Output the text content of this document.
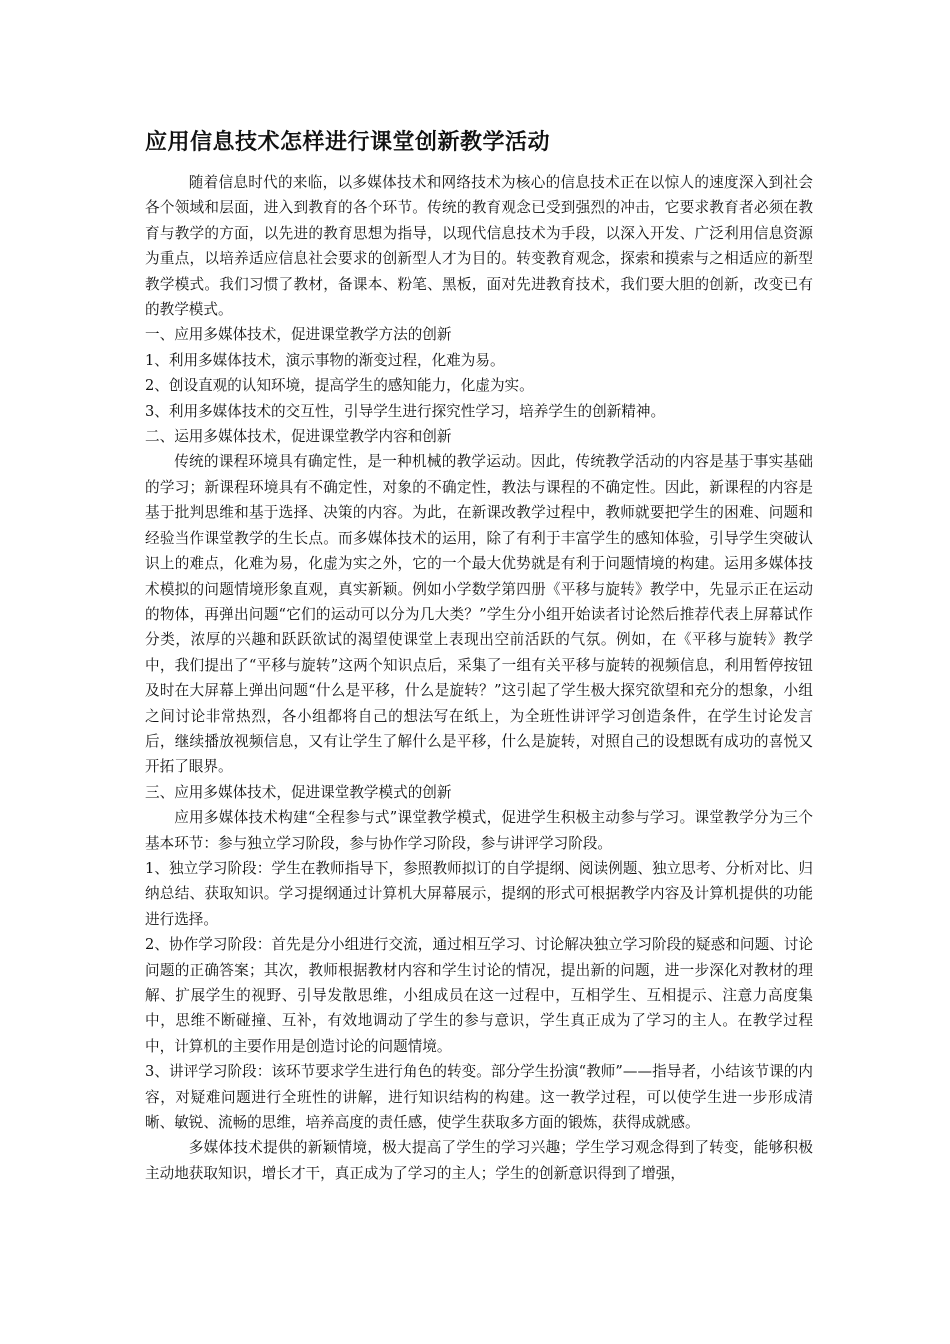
应用信息技术怎样进行课堂创新教学活动

随着信息时代的来临，以多媒体技术和网络技术为核心的信息技术正在以惊人的速度深入到社会各个领域和层面，进入到教育的各个环节。传统的教育观念已受到强烈的冲击，它要求教育者必须在教育与教学的方面，以先进的教育思想为指导，以现代信息技术为手段，以深入开发、广泛利用信息资源为重点，以培养适应信息社会要求的创新型人才为目的。转变教育观念，探索和摸索与之相适应的新型教学模式。我们习惯了教材，备课本、粉笔、黑板，面对先进教育技术，我们要大胆的创新，改变已有的教学模式。

一、应用多媒体技术，促进课堂教学方法的创新

1、利用多媒体技术，演示事物的渐变过程，化难为易。

2、创设直观的认知环境，提高学生的感知能力，化虚为实。

3、利用多媒体技术的交互性，引导学生进行探究性学习，培养学生的创新精神。

二、运用多媒体技术，促进课堂教学内容和创新

传统的课程环境具有确定性，是一种机械的教学运动。因此，传统教学活动的内容是基于事实基础的学习；新课程环境具有不确定性，对象的不确定性，教法与课程的不确定性。因此，新课程的内容是基于批判思维和基于选择、决策的内容。为此，在新课改教学过程中，教师就要把学生的困难、问题和经验当作课堂教学的生长点。而多媒体技术的运用，除了有利于丰富学生的感知体验，引导学生突破认识上的难点，化难为易，化虚为实之外，它的一个最大优势就是有利于问题情境的构建。运用多媒体技术模拟的问题情境形象直观，真实新颖。例如小学数学第四册《平移与旋转》教学中，先显示正在运动的物体，再弹出问题“它们的运动可以分为几大类？”学生分小组开始读者讨论然后推荐代表上屏幕试作分类，浓厚的兴趣和跃跃欲试的渴望使课堂上表现出空前活跃的气氛。例如，在《平移与旋转》教学中，我们提出了“平移与旋转”这两个知识点后，采集了一组有关平移与旋转的视频信息，利用暂停按钮及时在大屏幕上弹出问题“什么是平移，什么是旋转？”这引起了学生极大探究欲望和充分的想象，小组之间讨论非常热烈，各小组都将自己的想法写在纸上，为全班性讲评学习创造条件，在学生讨论发言后，继续播放视频信息，又有让学生了解什么是平移，什么是旋转，对照自己的设想既有成功的喜悦又开拓了眼界。

三、应用多媒体技术，促进课堂教学模式的创新

应用多媒体技术构建“全程参与式”课堂教学模式，促进学生积极主动参与学习。课堂教学分为三个基本环节：参与独立学习阶段，参与协作学习阶段，参与讲评学习阶段。

1、独立学习阶段：学生在教师指导下，参照教师拟订的自学提纲、阅读例题、独立思考、分析对比、归纳总结、获取知识。学习提纲通过计算机大屏幕展示，提纲的形式可根据教学内容及计算机提供的功能进行选择。

2、协作学习阶段：首先是分小组进行交流，通过相互学习、讨论解决独立学习阶段的疑惑和问题、讨论问题的正确答案；其次，教师根据教材内容和学生讨论的情况，提出新的问题，进一步深化对教材的理解、扩展学生的视野、引导发散思维，小组成员在这一过程中，互相学生、互相提示、注意力高度集中，思维不断碰撞、互补，有效地调动了学生的参与意识，学生真正成为了学习的主人。在教学过程中，计算机的主要作用是创造讨论的问题情境。

3、讲评学习阶段：该环节要求学生进行角色的转变。部分学生扮演“教师”——指导者，小结该节课的内容，对疑难问题进行全班性的讲解，进行知识结构的构建。这一教学过程，可以使学生进一步形成清晰、敏锐、流畅的思维，培养高度的责任感，使学生获取多方面的锻炼，获得成就感。

多媒体技术提供的新颖情境，极大提高了学生的学习兴趣；学生学习观念得到了转变，能够积极主动地获取知识，增长才干，真正成为了学习的主人；学生的创新意识得到了增强，
